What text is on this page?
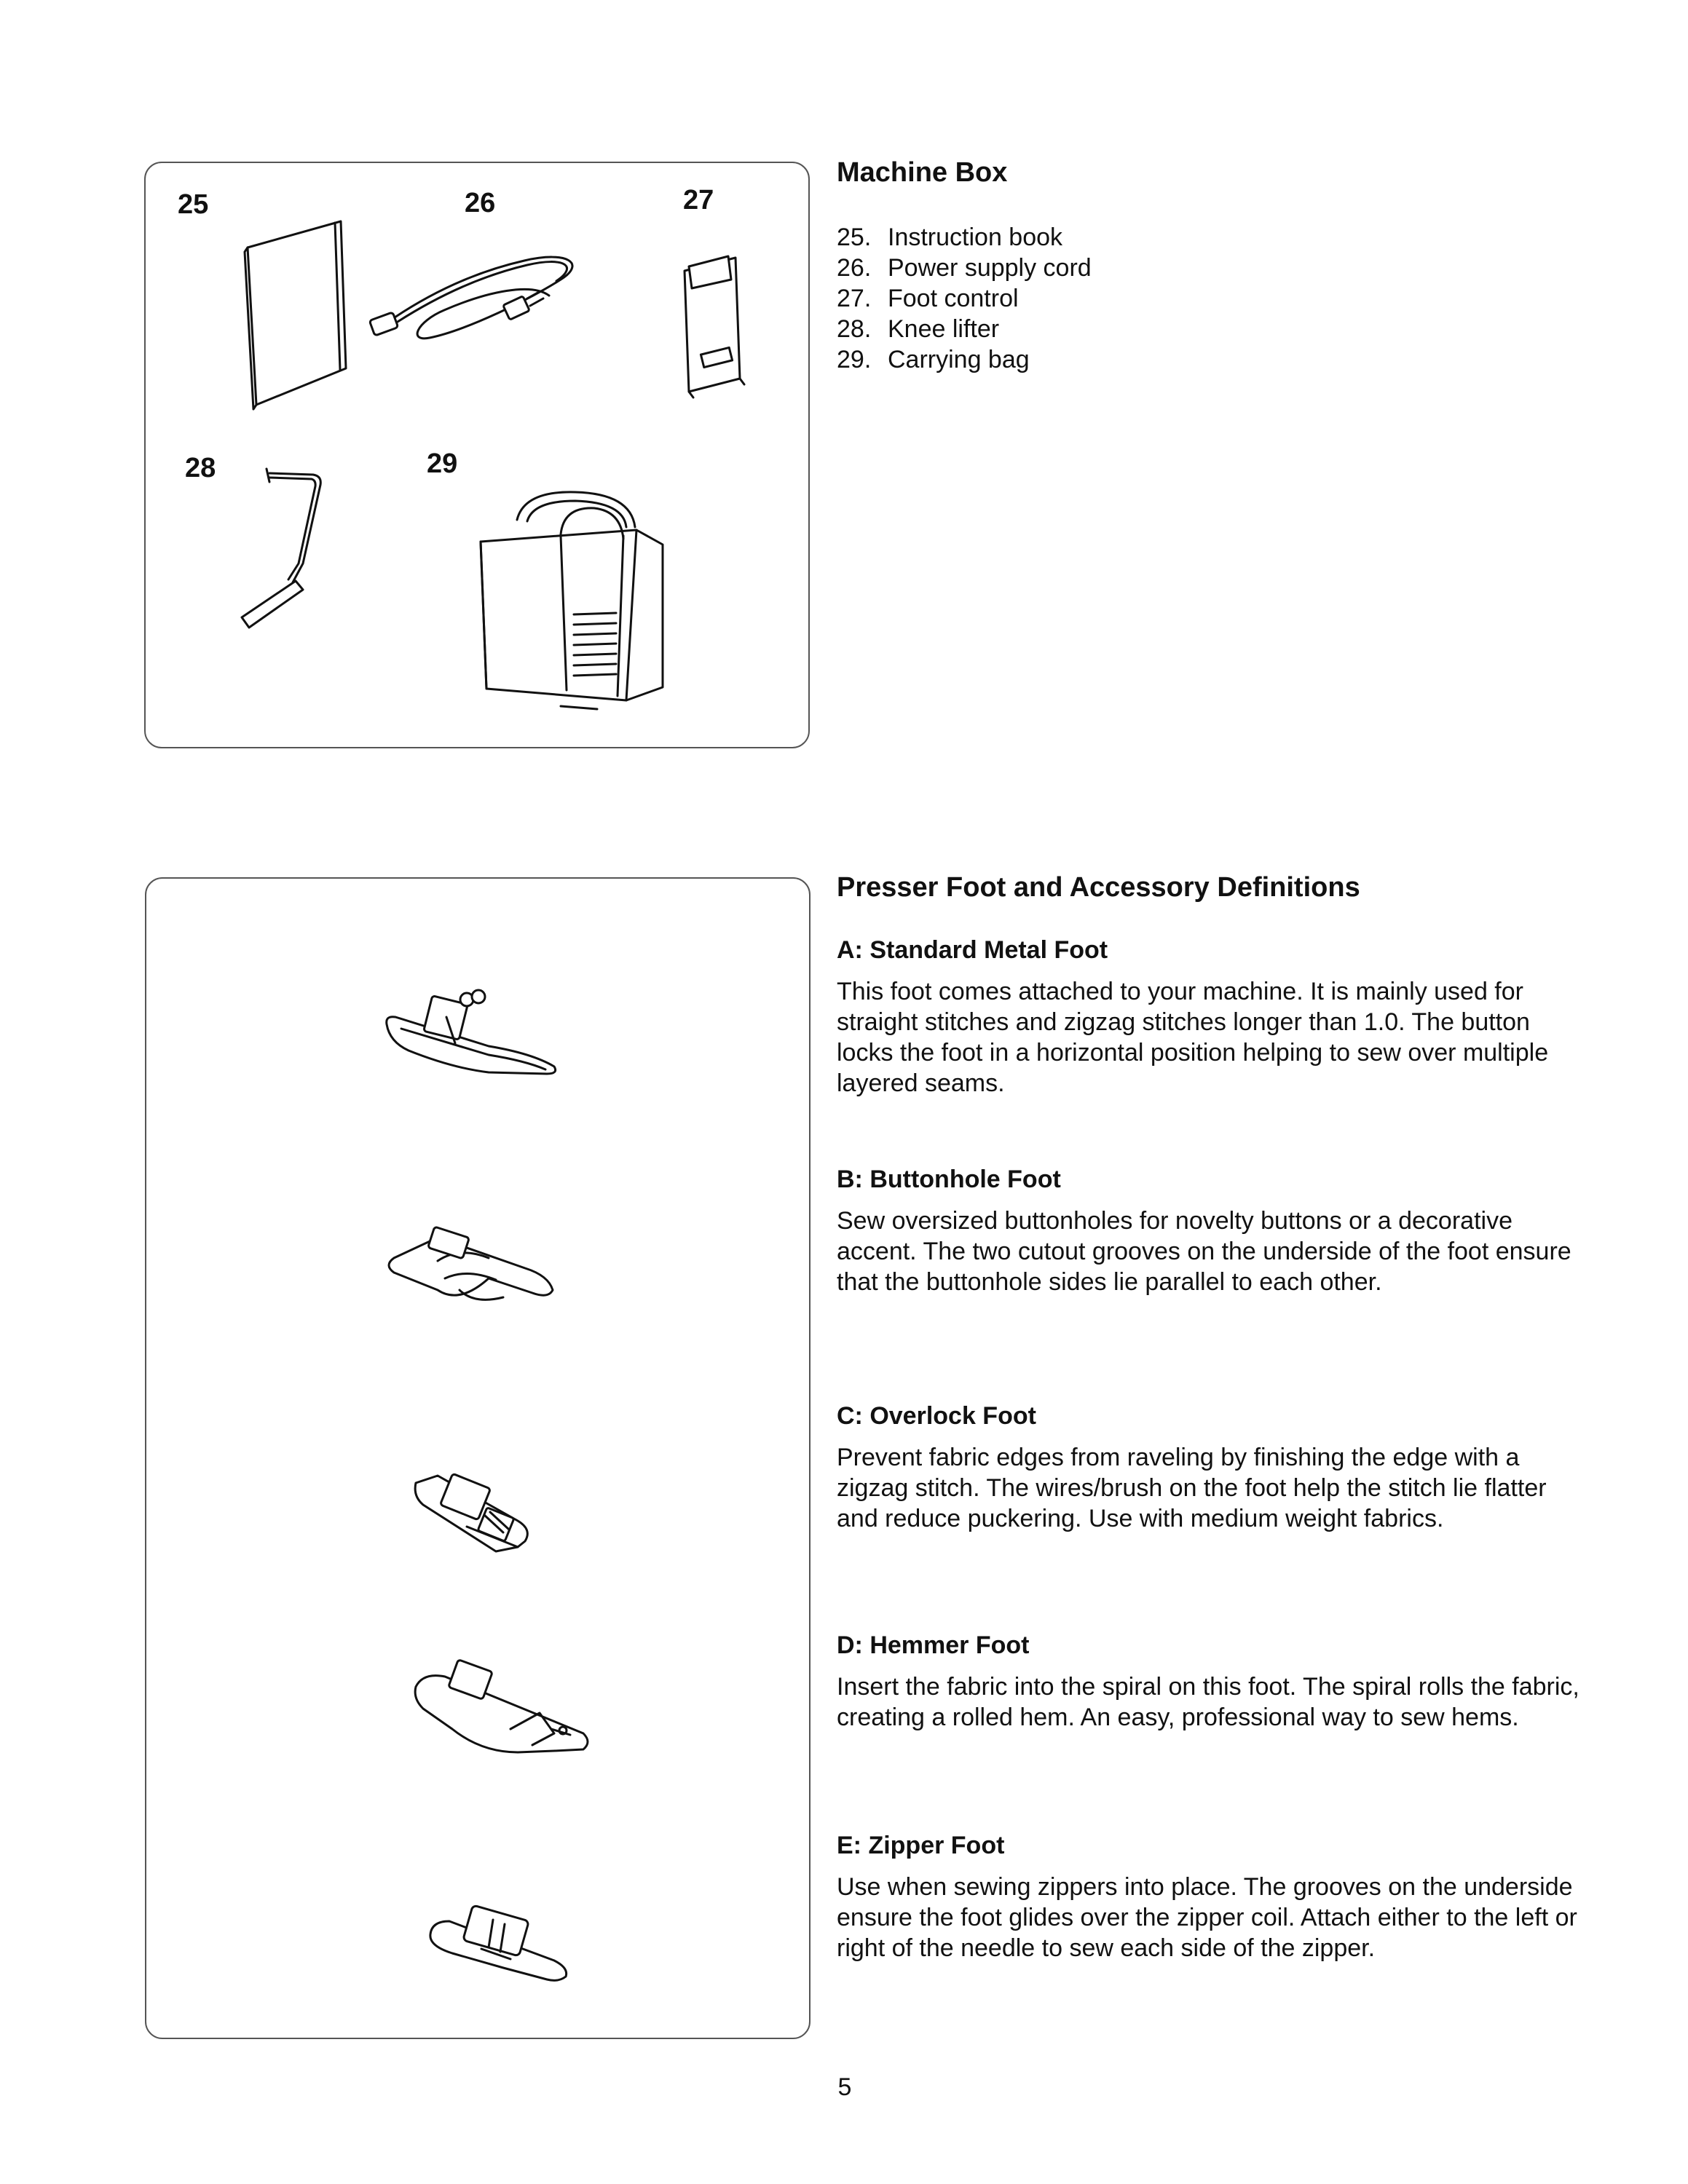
25	26	27
28	29
Machine Box
25. Instruction book
26. Power supply cord
27. Foot control
28. Knee lifter
29. Carrying bag
Presser Foot and Accessory Definitions
A: Standard Metal Foot
This foot comes attached to your machine. It is mainly used for straight stitches and zigzag stitches longer than 1.0. The button locks the foot in a horizontal position helping to sew over multiple layered seams.
B: Buttonhole Foot
Sew oversized buttonholes for novelty buttons or a decorative accent. The two cutout grooves on the underside of the foot ensure that the buttonhole sides lie parallel to each other.
C: Overlock Foot
Prevent fabric edges from raveling by finishing the edge with a zigzag stitch. The wires/brush on the foot help the stitch lie flatter and reduce puckering. Use with medium weight fabrics.
D: Hemmer Foot
Insert the fabric into the spiral on this foot. The spiral rolls the fabric, creating a rolled hem. An easy, professional way to sew hems.
E: Zipper Foot
Use when sewing zippers into place. The grooves on the underside ensure the foot glides over the zipper coil. Attach either to the left or right of the needle to sew each side of the zipper.
5
